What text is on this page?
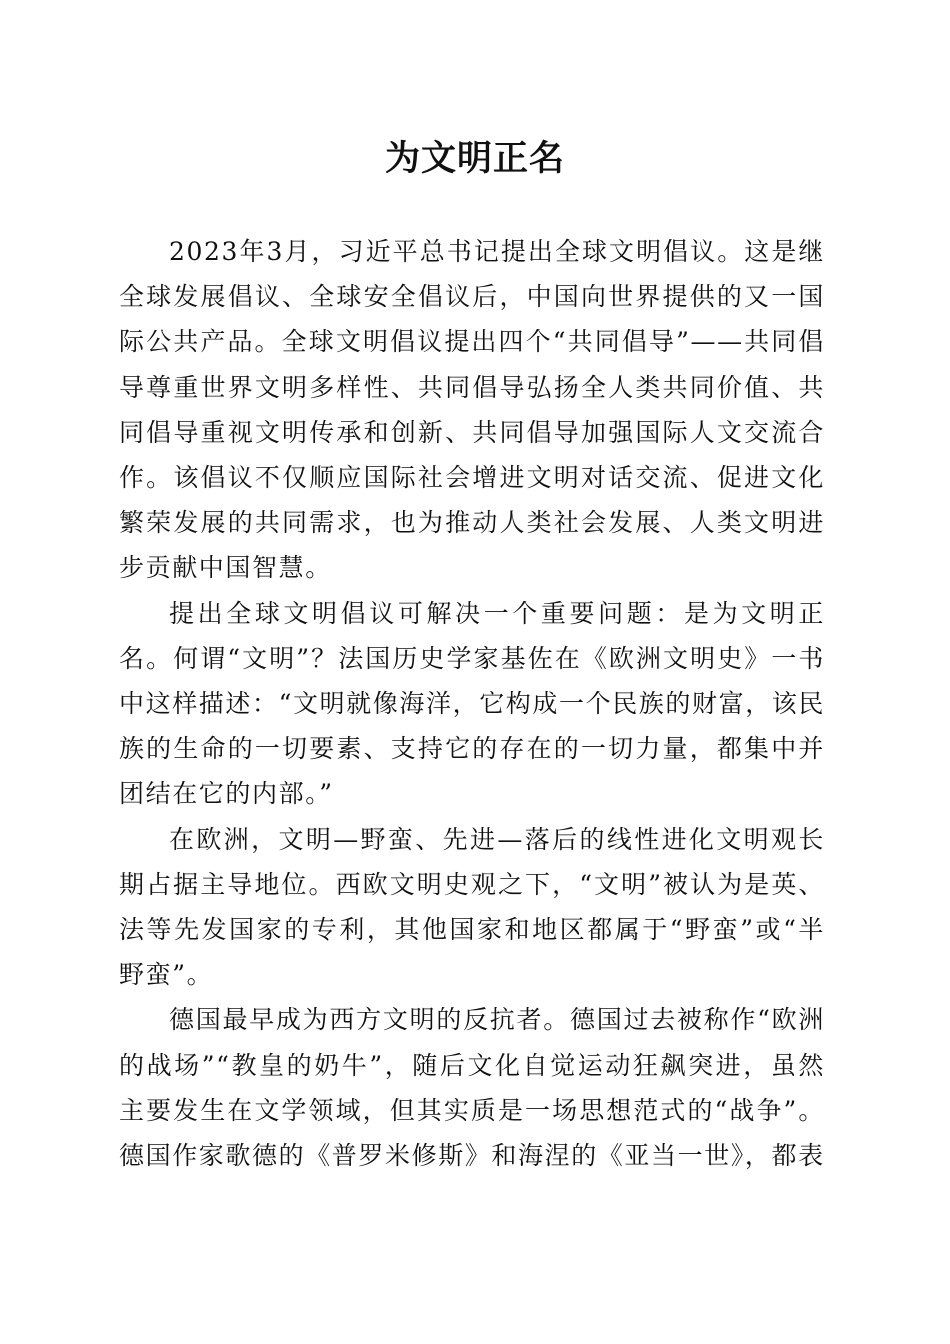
为文明正名

2023年3月，习近平总书记提出全球文明倡议。这是继全球发展倡议、全球安全倡议后，中国向世界提供的又一国际公共产品。全球文明倡议提出四个“共同倡导”——共同倡导尊重世界文明多样性、共同倡导弘扬全人类共同价值、共同倡导重视文明传承和创新、共同倡导加强国际人文交流合作。该倡议不仅顺应国际社会增进文明对话交流、促进文化繁荣发展的共同需求，也为推动人类社会发展、人类文明进步贡献中国智慧。

提出全球文明倡议可解决一个重要问题：是为文明正名。何谓“文明”？法国历史学家基佐在《欧洲文明史》一书中这样描述：“文明就像海洋，它构成一个民族的财富，该民族的生命的一切要素、支持它的存在的一切力量，都集中并团结在它的内部。”

在欧洲，文明—野蛮、先进—落后的线性进化文明观长期占据主导地位。西欧文明史观之下，“文明”被认为是英、法等先发国家的专利，其他国家和地区都属于“野蛮”或“半野蛮”。

德国最早成为西方文明的反抗者。德国过去被称作“欧洲的战场”“教皇的奶牛”，随后文化自觉运动狂飙突进，虽然主要发生在文学领域，但其实质是一场思想范式的“战争”。德国作家歌德的《普罗米修斯》和海涅的《亚当一世》，都表
